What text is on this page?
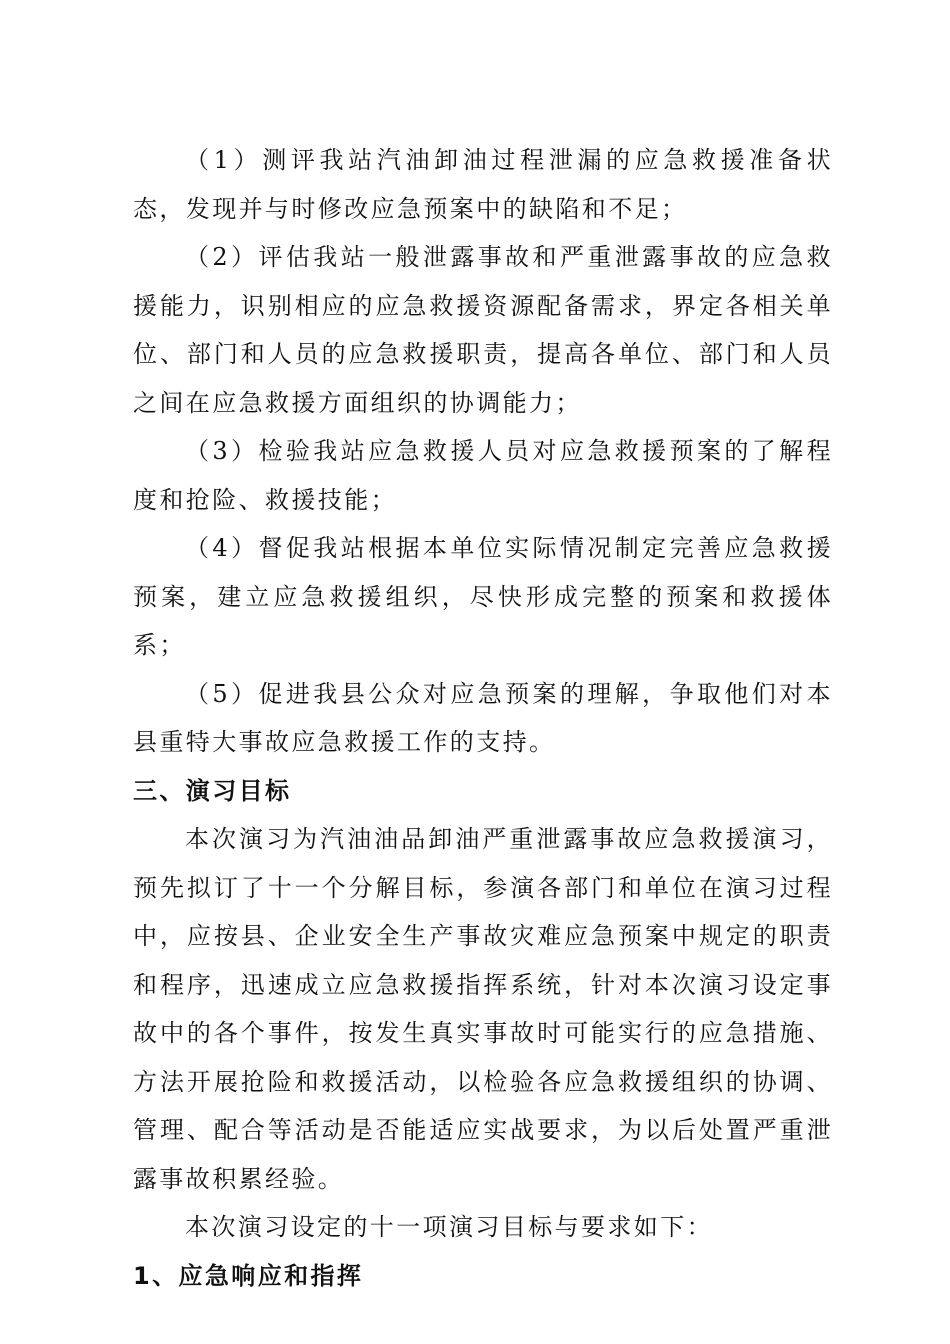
（1）测评我站汽油卸油过程泄漏的应急救援准备状态，发现并与时修改应急预案中的缺陷和不足；

（2）评估我站一般泄露事故和严重泄露事故的应急救援能力，识别相应的应急救援资源配备需求，界定各相关单位、部门和人员的应急救援职责，提高各单位、部门和人员之间在应急救援方面组织的协调能力；

（3）检验我站应急救援人员对应急救援预案的了解程度和抢险、救援技能；

（4）督促我站根据本单位实际情况制定完善应急救援预案，建立应急救援组织，尽快形成完整的预案和救援体系；

（5）促进我县公众对应急预案的理解，争取他们对本县重特大事故应急救援工作的支持。

三、演习目标

本次演习为汽油油品卸油严重泄露事故应急救援演习，预先拟订了十一个分解目标，参演各部门和单位在演习过程中，应按县、企业安全生产事故灾难应急预案中规定的职责和程序，迅速成立应急救援指挥系统，针对本次演习设定事故中的各个事件，按发生真实事故时可能实行的应急措施、方法开展抢险和救援活动，以检验各应急救援组织的协调、管理、配合等活动是否能适应实战要求，为以后处置严重泄露事故积累经验。

本次演习设定的十一项演习目标与要求如下：

1、应急响应和指挥
